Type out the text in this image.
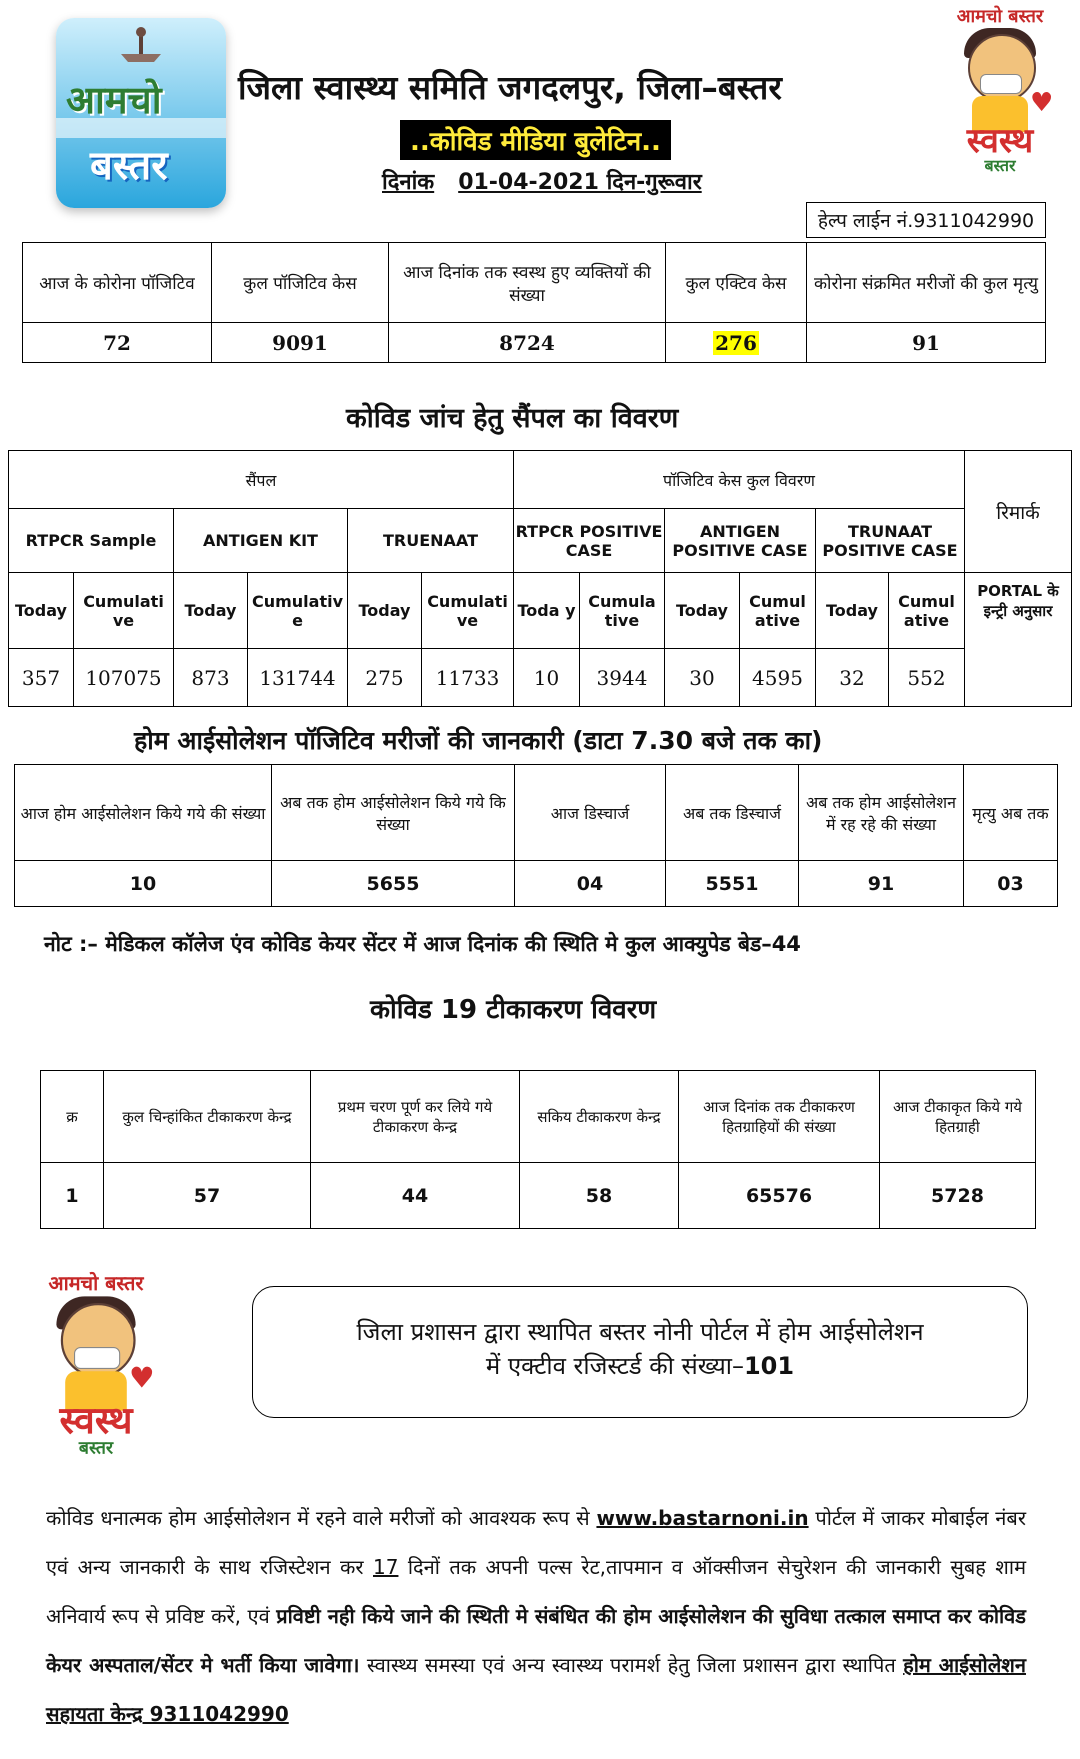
आमचो
बस्तर
जिला स्वास्थ्य समिति जगदलपुर, जिला–बस्तर
..कोविड मीडिया बुलेटिन..
दिनांक 01-04-2021 दिन-गुरूवार
हेल्प लाईन नं.9311042990
आमचो बस्तर
♥
स्वस्थ
बस्तर
आज के कोरोना पॉजिटिव	कुल पॉजिटिव केस	आज दिनांक तक स्वस्थ हुए व्यक्तियों की संख्या	कुल एक्टिव केस	कोरोना संक्रमित मरीजों की कुल मृत्यु
72	9091	8724	276	91
कोविड जांच हेतु सैंपल का विवरण
सैंपल						पॉजिटिव केस कुल विवरण						रिमार्क
RTPCR Sample		ANTIGEN KIT		TRUENAAT		RTPCR POSITIVE CASE		ANTIGEN POSITIVE CASE		TRUNAAT POSITIVE CASE		
Today	Cumulati ve	Today	Cumulativ e	Today	Cumulati ve	Toda y	Cumula tive	Today	Cumul ative	Today	Cumul ative	PORTAL के इन्ट्री अनुसार
357	107075	873	131744	275	11733	10	3944	30	4595	32	552	
होम आईसोलेशन पॉजिटिव मरीजों की जानकारी (डाटा 7.30 बजे तक का)
आज होम आईसोलेशन किये गये की संख्या	अब तक होम आईसोलेशन किये गये कि संख्या	आज डिस्चार्ज	अब तक डिस्चार्ज	अब तक होम आईसोलेशन में रह रहे की संख्या	मृत्यु अब तक
10	5655	04	5551	91	03
नोट :– मेडिकल कॉलेज एंव कोविड केयर सेंटर में आज दिनांक की स्थिति मे कुल आक्युपेड बेड–44
कोविड 19 टीकाकरण विवरण
क्र	कुल चिन्हांकित टीकाकरण केन्द्र	प्रथम चरण पूर्ण कर लिये गये टीकाकरण केन्द्र	सकिय टीकाकरण केन्द्र	आज दिनांक तक टीकाकरण हितग्राहियों की संख्या	आज टीकाकृत किये गये हितग्राही
1	57	44	58	65576	5728
आमचो बस्तर
♥
स्वस्थ
बस्तर
जिला प्रशासन द्वारा स्थापित बस्तर नोनी पोर्टल में होम आईसोलेशन
में एक्टीव रजिस्टर्ड की संख्या–101
कोविड धनात्मक होम आईसोलेशन में रहने वाले मरीजों को आवश्यक रूप से www.bastarnoni.in पोर्टल में जाकर मोबाईल नंबर एवं अन्य जानकारी के साथ रजिस्टेशन कर 17 दिनों तक अपनी पल्स रेट,तापमान व ऑक्सीजन सेचुरेशन की जानकारी सुबह शाम अनिवार्य रूप से प्रविष्ट करें, एवं प्रविष्टी नही किये जाने की स्थिती मे संबंधित की होम आईसोलेशन की सुविधा तत्काल समाप्त कर कोविड केयर अस्पताल/सेंटर मे भर्ती किया जावेगा। स्वास्थ्य समस्या एवं अन्य स्वास्थ्य परामर्श हेतु जिला प्रशासन द्वारा स्थापित होम आईसोलेशन सहायता केन्द्र 9311042990
